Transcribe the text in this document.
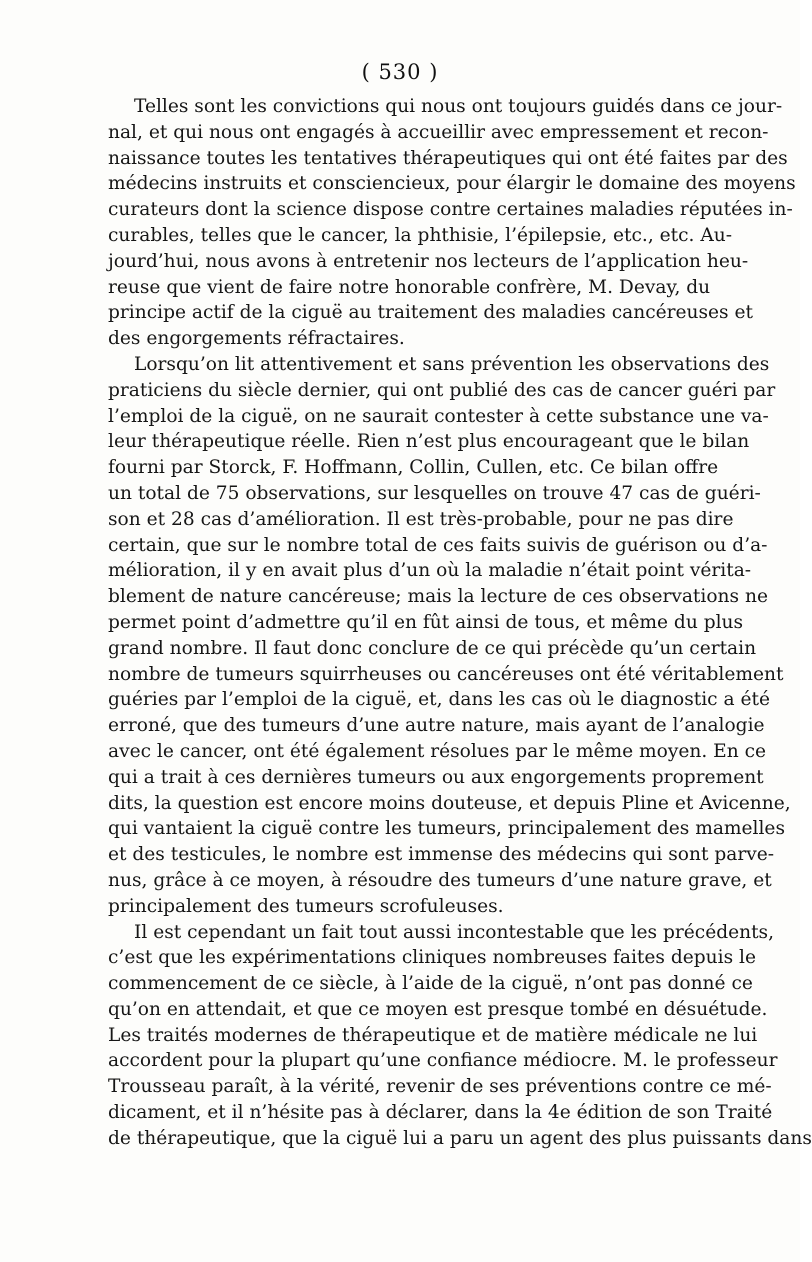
( 530 )
Telles sont les convictions qui nous ont toujours guidés dans ce jour-
nal, et qui nous ont engagés à accueillir avec empressement et recon-
naissance toutes les tentatives thérapeutiques qui ont été faites par des
médecins instruits et consciencieux, pour élargir le domaine des moyens
curateurs dont la science dispose contre certaines maladies réputées in-
curables, telles que le cancer, la phthisie, l’épilepsie, etc., etc. Au-
jourd’hui, nous avons à entretenir nos lecteurs de l’application heu-
reuse que vient de faire notre honorable confrère, M. Devay, du
principe actif de la ciguë au traitement des maladies cancéreuses et
des engorgements réfractaires.
Lorsqu’on lit attentivement et sans prévention les observations des
praticiens du siècle dernier, qui ont publié des cas de cancer guéri par
l’emploi de la ciguë, on ne saurait contester à cette substance une va-
leur thérapeutique réelle. Rien n’est plus encourageant que le bilan
fourni par Storck, F. Hoffmann, Collin, Cullen, etc. Ce bilan offre
un total de 75 observations, sur lesquelles on trouve 47 cas de guéri-
son et 28 cas d’amélioration. Il est très-probable, pour ne pas dire
certain, que sur le nombre total de ces faits suivis de guérison ou d’a-
mélioration, il y en avait plus d’un où la maladie n’était point vérita-
blement de nature cancéreuse; mais la lecture de ces observations ne
permet point d’admettre qu’il en fût ainsi de tous, et même du plus
grand nombre. Il faut donc conclure de ce qui précède qu’un certain
nombre de tumeurs squirrheuses ou cancéreuses ont été véritablement
guéries par l’emploi de la ciguë, et, dans les cas où le diagnostic a été
erroné, que des tumeurs d’une autre nature, mais ayant de l’analogie
avec le cancer, ont été également résolues par le même moyen. En ce
qui a trait à ces dernières tumeurs ou aux engorgements proprement
dits, la question est encore moins douteuse, et depuis Pline et Avicenne,
qui vantaient la ciguë contre les tumeurs, principalement des mamelles
et des testicules, le nombre est immense des médecins qui sont parve-
nus, grâce à ce moyen, à résoudre des tumeurs d’une nature grave, et
principalement des tumeurs scrofuleuses.
Il est cependant un fait tout aussi incontestable que les précédents,
c’est que les expérimentations cliniques nombreuses faites depuis le
commencement de ce siècle, à l’aide de la ciguë, n’ont pas donné ce
qu’on en attendait, et que ce moyen est presque tombé en désuétude.
Les traités modernes de thérapeutique et de matière médicale ne lui
accordent pour la plupart qu’une confiance médiocre. M. le professeur
Trousseau paraît, à la vérité, revenir de ses préventions contre ce mé-
dicament, et il n’hésite pas à déclarer, dans la 4e édition de son Traité
de thérapeutique, que la ciguë lui a paru un agent des plus puissants dans
